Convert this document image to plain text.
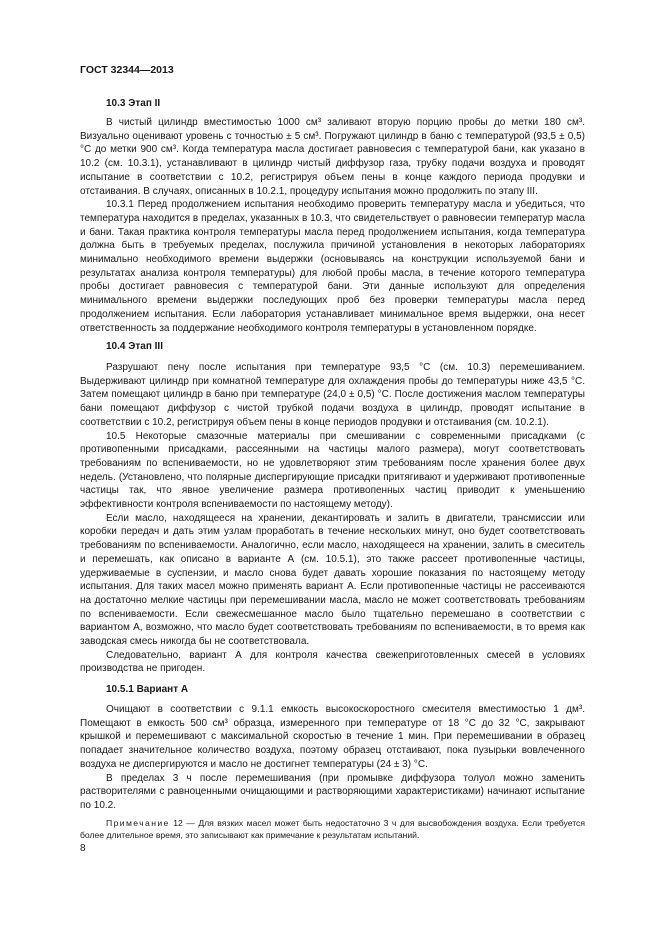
ГОСТ 32344—2013
10.3 Этап II

В чистый цилиндр вместимостью 1000 см³ заливают вторую порцию пробы до метки 180 см³. Визуально оценивают уровень с точностью ± 5 см³. Погружают цилиндр в баню с температурой (93,5 ± 0,5) °С до метки 900 см³. Когда температура масла достигает равновесия с температурой бани, как указано в 10.2 (см. 10.3.1), устанавливают в цилиндр чистый диффузор газа, трубку подачи воздуха и проводят испытание в соответствии с 10.2, регистрируя объем пены в конце каждого периода продувки и отстаивания. В случаях, описанных в 10.2.1, процедуру испытания можно продолжить по этапу III.

10.3.1 Перед продолжением испытания необходимо проверить температуру масла и убедиться, что температура находится в пределах, указанных в 10.3, что свидетельствует о равновесии температур масла и бани. Такая практика контроля температуры масла перед продолжением испытания, когда температура должна быть в требуемых пределах, послужила причиной установления в некоторых лабораториях минимально необходимого времени выдержки (основываясь на конструкции используемой бани и результатах анализа контроля температуры) для любой пробы масла, в течение которого температура пробы достигает равновесия с температурой бани. Эти данные используют для определения минимального времени выдержки последующих проб без проверки температуры масла перед продолжением испытания. Если лаборатория устанавливает минимальное время выдержки, она несет ответственность за поддержание необходимого контроля температуры в установленном порядке.

10.4 Этап III

Разрушают пену после испытания при температуре 93,5 °С (см. 10.3) перемешиванием. Выдерживают цилиндр при комнатной температуре для охлаждения пробы до температуры ниже 43,5 °С. Затем помещают цилиндр в баню при температуре (24,0 ± 0,5) °С. После достижения маслом температуры бани помещают диффузор с чистой трубкой подачи воздуха в цилиндр, проводят испытание в соответствии с 10.2, регистрируя объем пены в конце периодов продувки и отстаивания (см. 10.2.1).

10.5 Некоторые смазочные материалы при смешивании с современными присадками (с противопенными присадками, рассеянными на частицы малого размера), могут соответствовать требованиям по вспениваемости, но не удовлетворяют этим требованиям после хранения более двух недель. (Установлено, что полярные диспергирующие присадки притягивают и удерживают противопенные частицы так, что явное увеличение размера противопенных частиц приводит к уменьшению эффективности контроля вспениваемости по настоящему методу).

Если масло, находящееся на хранении, декантировать и залить в двигатели, трансмиссии или коробки передач и дать этим узлам проработать в течение нескольких минут, оно будет соответствовать требованиям по вспениваемости. Аналогично, если масло, находящееся на хранении, залить в смеситель и перемешать, как описано в варианте А (см. 10.5.1), это также рассеет противопенные частицы, удерживаемые в суспензии, и масло снова будет давать хорошие показания по настоящему методу испытания. Для таких масел можно применять вариант А. Если противопенные частицы не рассеиваются на достаточно мелкие частицы при перемешивании масла, масло не может соответствовать требованиям по вспениваемости. Если свежесмешанное масло было тщательно перемешано в соответствии с вариантом А, возможно, что масло будет соответствовать требованиям по вспениваемости, в то время как заводская смесь никогда бы не соответствовала.

Следовательно, вариант А для контроля качества свежеприготовленных смесей в условиях производства не пригоден.

10.5.1 Вариант А

Очищают в соответствии с 9.1.1 емкость высокоскоростного смесителя вместимостью 1 дм³. Помещают в емкость 500 см³ образца, измеренного при температуре от 18 °С до 32 °С, закрывают крышкой и перемешивают с максимальной скоростью в течение 1 мин. При перемешивании в образец попадает значительное количество воздуха, поэтому образец отстаивают, пока пузырьки вовлеченного воздуха не диспергируются и масло не достигнет температуры (24 ± 3) °С.

В пределах 3 ч после перемешивания (при промывке диффузора толуол можно заменить растворителями с равноценными очищающими и растворяющими характеристиками) начинают испытание по 10.2.

Примечание 12 — Для вязких масел может быть недостаточно 3 ч для высвобождения воздуха. Если требуется более длительное время, это записывают как примечание к результатам испытаний.

8
